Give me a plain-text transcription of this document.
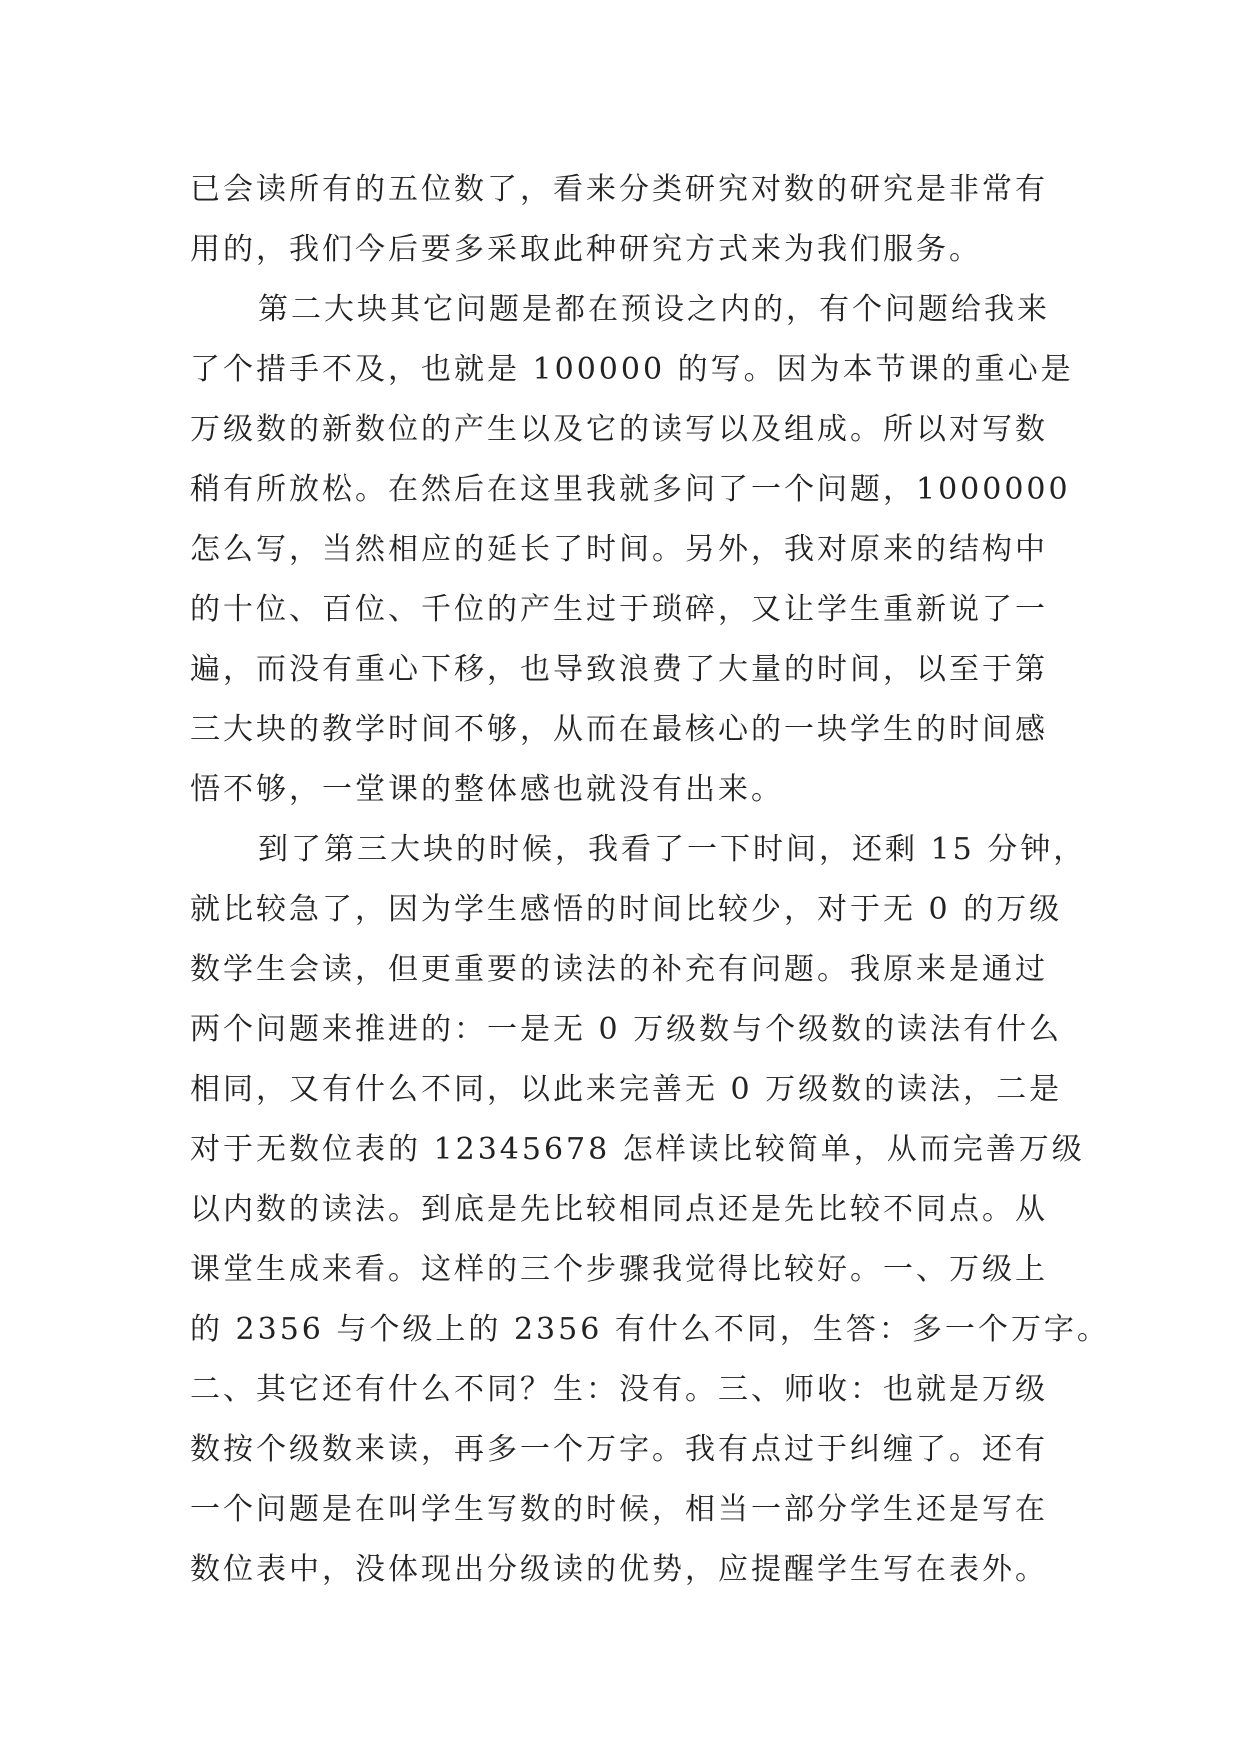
已会读所有的五位数了，看来分类研究对数的研究是非常有
用的，我们今后要多采取此种研究方式来为我们服务。
第二大块其它问题是都在预设之内的，有个问题给我来
了个措手不及，也就是 100000 的写。因为本节课的重心是
万级数的新数位的产生以及它的读写以及组成。所以对写数
稍有所放松。在然后在这里我就多问了一个问题，1000000
怎么写，当然相应的延长了时间。另外，我对原来的结构中
的十位、百位、千位的产生过于琐碎，又让学生重新说了一
遍，而没有重心下移，也导致浪费了大量的时间，以至于第
三大块的教学时间不够，从而在最核心的一块学生的时间感
悟不够，一堂课的整体感也就没有出来。
到了第三大块的时候，我看了一下时间，还剩 15 分钟，
就比较急了，因为学生感悟的时间比较少，对于无 0 的万级
数学生会读，但更重要的读法的补充有问题。我原来是通过
两个问题来推进的：一是无 0 万级数与个级数的读法有什么
相同，又有什么不同，以此来完善无 0 万级数的读法，二是
对于无数位表的 12345678 怎样读比较简单，从而完善万级
以内数的读法。到底是先比较相同点还是先比较不同点。从
课堂生成来看。这样的三个步骤我觉得比较好。一、万级上
的 2356 与个级上的 2356 有什么不同，生答：多一个万字。
二、其它还有什么不同？生：没有。三、师收：也就是万级
数按个级数来读，再多一个万字。我有点过于纠缠了。还有
一个问题是在叫学生写数的时候，相当一部分学生还是写在
数位表中，没体现出分级读的优势，应提醒学生写在表外。
